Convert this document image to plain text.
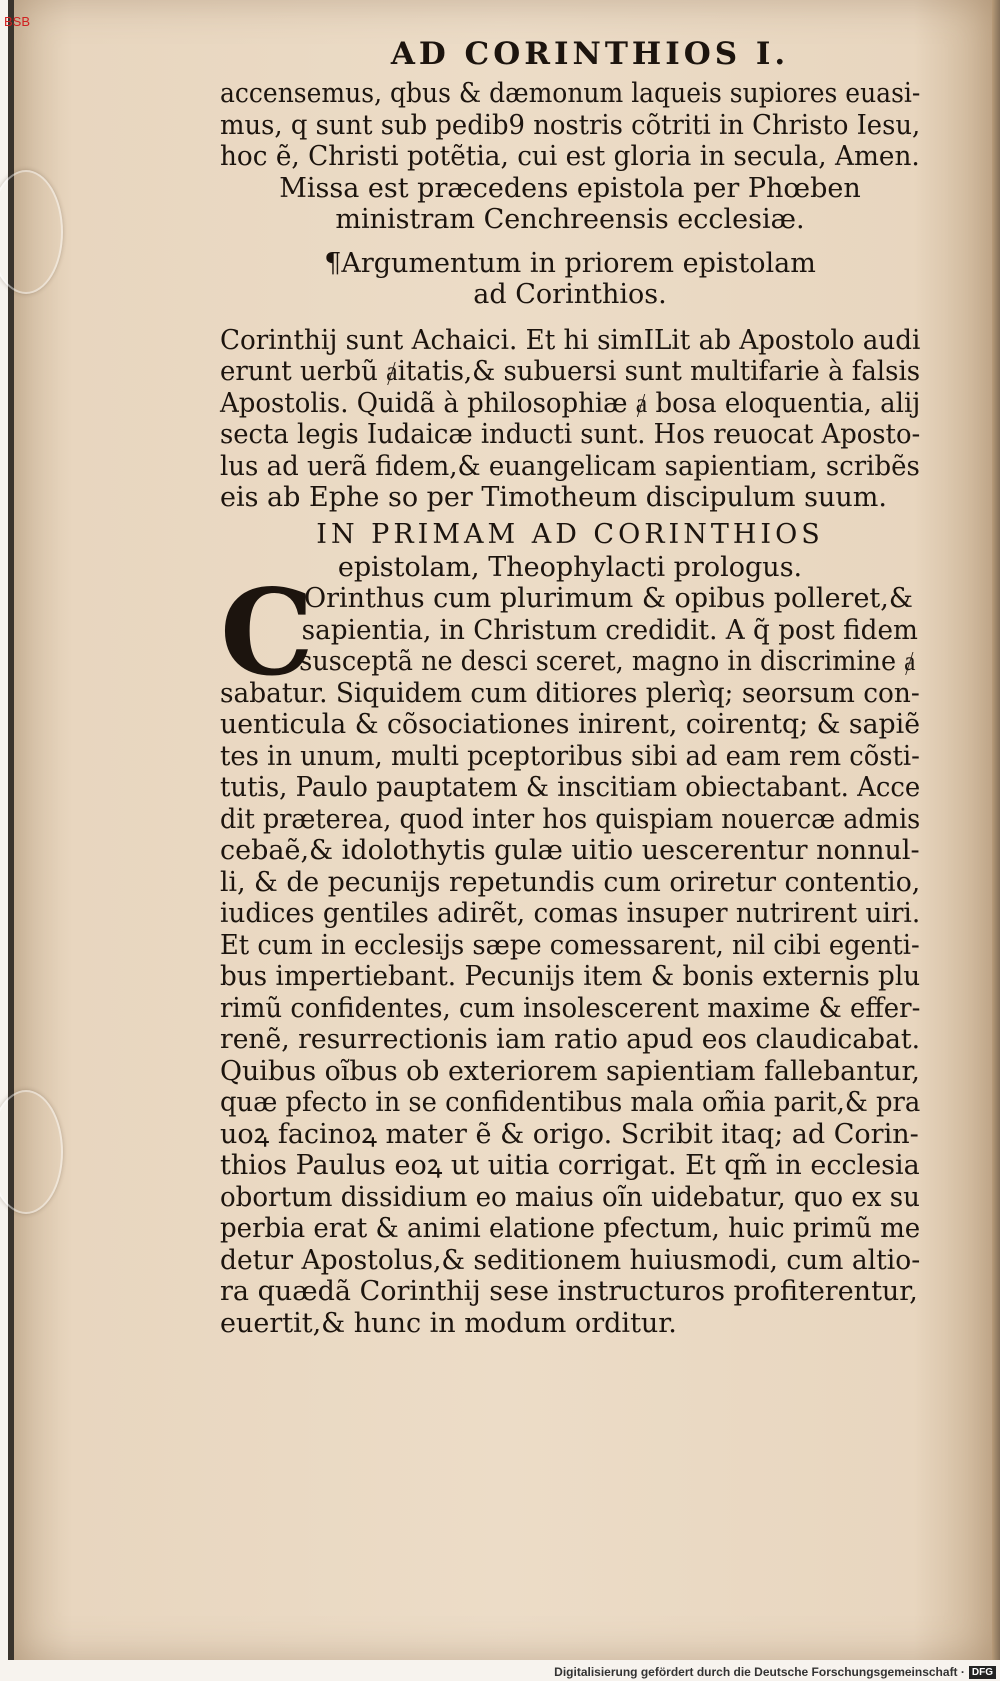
BSB
AD CORINTHIOS I.

accensemus, qbus & dæmonum laqueis supiores euasi-

mus, q sunt sub pedib9 nostris cõtriti in Christo Iesu,

hoc ẽ, Christi potẽtia, cui est gloria in secula, Amen.

Missa est præcedens epistola per Phœben

ministram Cenchreensis ecclesiæ.

¶Argumentum in priorem epistolam

ad Corinthios.

Corinthij sunt Achaici. Et hi simILit ab Apostolo audi

erunt uerbũ ⱥitatis,& subuersi sunt multifarie à falsis

Apostolis. Quidã à philosophiæ ⱥ bosa eloquentia, alij

secta legis Iudaicæ inducti sunt. Hos reuocat Aposto-

lus ad uerã fidem,& euangelicam sapientiam, scribẽs

eis ab Ephe so per Timotheum discipulum suum.

IN PRIMAM AD CORINTHIOS

epistolam, Theophylacti prologus.

C

Orinthus cum plurimum & opibus polleret,&

sapientia, in Christum credidit. A q̃ post fidem

susceptã ne desci sceret, magno in discrimine ⱥ

sabatur. Siquidem cum ditiores plerìq; seorsum con-

uenticula & cõsociationes inirent, coirentq; & sapiẽ

tes in unum, multi pceptoribus sibi ad eam rem cõsti-

tutis, Paulo pauptatem & inscitiam obiectabant. Acce

dit præterea, quod inter hos quispiam nouercæ admis

cebaẽ,& idolothytis gulæ uitio uescerentur nonnul-

li, & de pecunijs repetundis cum oriretur contentio,

iudices gentiles adirẽt, comas insuper nutrirent uiri.

Et cum in ecclesijs sæpe comessarent, nil cibi egenti-

bus impertiebant. Pecunijs item & bonis externis plu

rimũ confidentes, cum insolescerent maxime & effer-

renẽ, resurrectionis iam ratio apud eos claudicabat.

Quibus oĩbus ob exteriorem sapientiam fallebantur,

quæ pfecto in se confidentibus mala om̃ia parit,& pra

uoꝝ facinoꝝ mater ẽ & origo. Scribit itaq; ad Corin-

thios Paulus eoꝝ ut uitia corrigat. Et qm̃ in ecclesia

obortum dissidium eo maius oĩn uidebatur, quo ex su

perbia erat & animi elatione pfectum, huic primũ me

detur Apostolus,& seditionem huiusmodi, cum altio-

ra quædã Corinthij sese instructuros profiterentur,

euertit,& hunc in modum orditur.

Digitalisierung gefördert durch die Deutsche Forschungsgemeinschaft · DFG
